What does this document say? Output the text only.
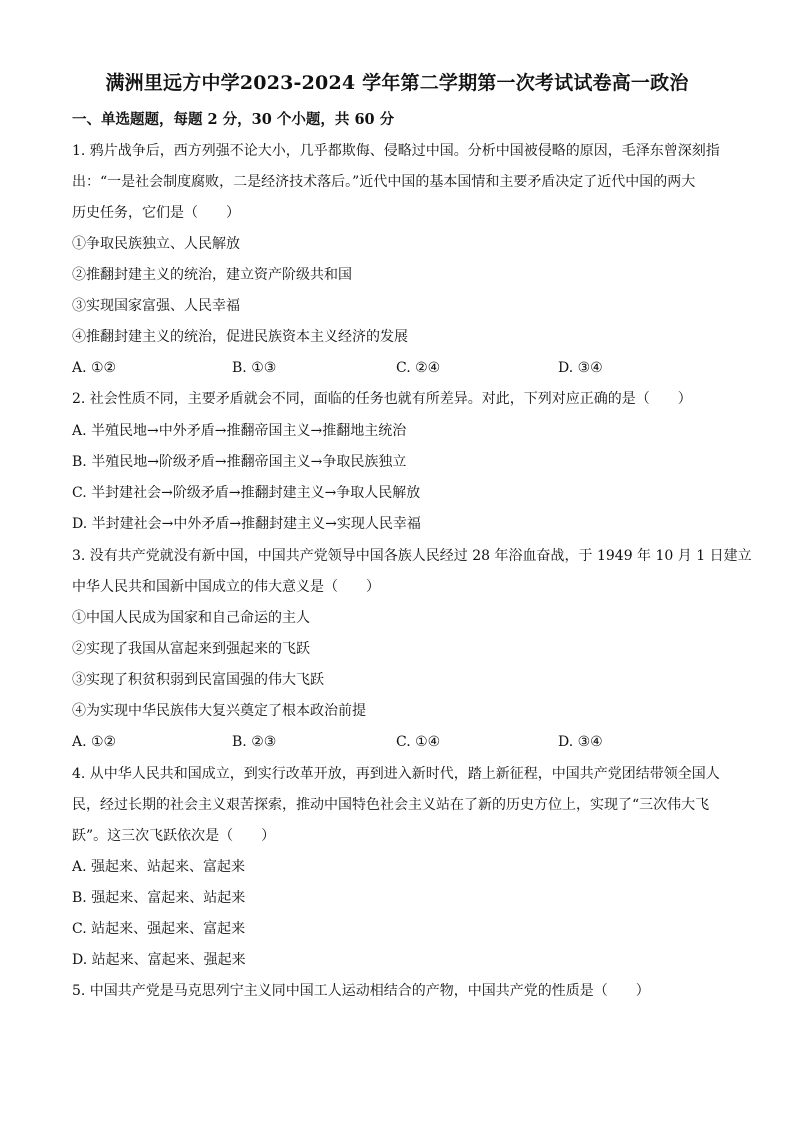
满洲里远方中学2023-2024 学年第二学期第一次考试试卷高一政治
一、单选题题，每题 2 分，30 个小题，共 60 分
1. 鸦片战争后，西方列强不论大小，几乎都欺侮、侵略过中国。分析中国被侵略的原因，毛泽东曾深刻指
出：“一是社会制度腐败，二是经济技术落后。”近代中国的基本国情和主要矛盾决定了近代中国的两大
历史任务，它们是（　　）
①争取民族独立、人民解放
②推翻封建主义的统治，建立资产阶级共和国
③实现国家富强、人民幸福
④推翻封建主义的统治，促进民族资本主义经济的发展
A. ①②	B. ①③	C. ②④	D. ③④
2. 社会性质不同，主要矛盾就会不同，面临的任务也就有所差异。对此，下列对应正确的是（　　）
A. 半殖民地→中外矛盾→推翻帝国主义→推翻地主统治
B. 半殖民地→阶级矛盾→推翻帝国主义→争取民族独立
C. 半封建社会→阶级矛盾→推翻封建主义→争取人民解放
D. 半封建社会→中外矛盾→推翻封建主义→实现人民幸福
3. 没有共产党就没有新中国，中国共产党领导中国各族人民经过 28 年浴血奋战，于 1949 年 10 月 1 日建立
中华人民共和国新中国成立的伟大意义是（　　）
①中国人民成为国家和自己命运的主人
②实现了我国从富起来到强起来的飞跃
③实现了积贫积弱到民富国强的伟大飞跃
④为实现中华民族伟大复兴奠定了根本政治前提
A. ①②	B. ②③	C. ①④	D. ③④
4. 从中华人民共和国成立，到实行改革开放，再到进入新时代，踏上新征程，中国共产党团结带领全国人
民，经过长期的社会主义艰苦探索，推动中国特色社会主义站在了新的历史方位上，实现了“三次伟大飞
跃”。这三次飞跃依次是（　　）
A. 强起来、站起来、富起来
B. 强起来、富起来、站起来
C. 站起来、强起来、富起来
D. 站起来、富起来、强起来
5. 中国共产党是马克思列宁主义同中国工人运动相结合的产物，中国共产党的性质是（　　）
